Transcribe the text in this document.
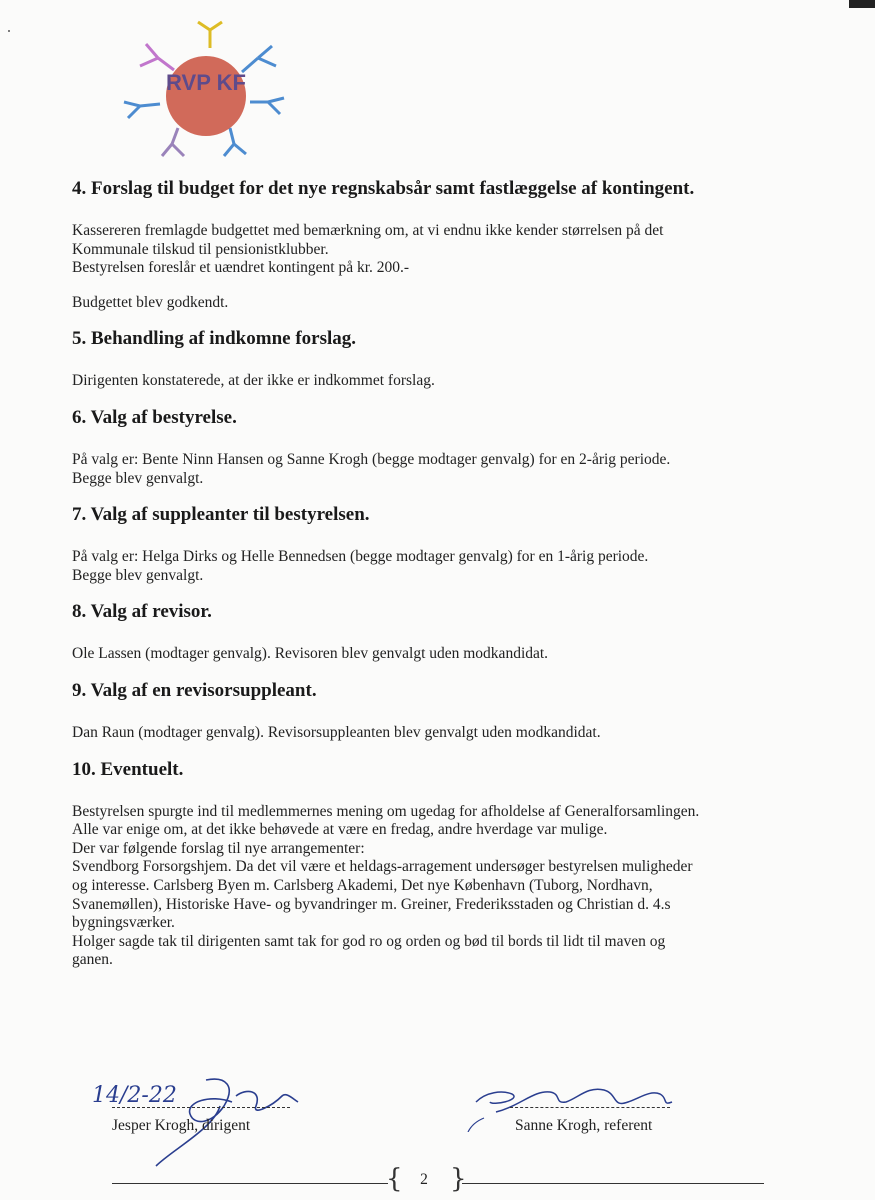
RVP KF
4. Forslag til budget for det nye regnskabsår samt fastlæggelse af kontingent.
Kassereren fremlagde budgettet med bemærkning om, at vi endnu ikke kender størrelsen på det
Kommunale tilskud til pensionistklubber.
Bestyrelsen foreslår et uændret kontingent på kr. 200.-
Budgettet blev godkendt.
5. Behandling af indkomne forslag.
Dirigenten konstaterede, at der ikke er indkommet forslag.
6. Valg af bestyrelse.
På valg er: Bente Ninn Hansen og Sanne Krogh (begge modtager genvalg) for en 2-årig periode.
Begge blev genvalgt.
7. Valg af suppleanter til bestyrelsen.
På valg er: Helga Dirks og Helle Bennedsen (begge modtager genvalg) for en 1-årig periode.
Begge blev genvalgt.
8. Valg af revisor.
Ole Lassen (modtager genvalg). Revisoren blev genvalgt uden modkandidat.
9. Valg af en revisorsuppleant.
Dan Raun (modtager genvalg). Revisorsuppleanten blev genvalgt uden modkandidat.
10. Eventuelt.
Bestyrelsen spurgte ind til medlemmernes mening om ugedag for afholdelse af Generalforsamlingen.
Alle var enige om, at det ikke behøvede at være en fredag, andre hverdage var mulige.
Der var følgende forslag til nye arrangementer:
Svendborg Forsorgshjem. Da det vil være et heldags-arragement undersøger bestyrelsen muligheder
og interesse. Carlsberg Byen m. Carlsberg Akademi, Det nye København (Tuborg, Nordhavn,
Svanemøllen), Historiske Have- og byvandringer m. Greiner, Frederiksstaden og Christian d. 4.s
bygningsværker.
Holger sagde tak til dirigenten samt tak for god ro og orden og bød til bords til lidt til maven og
ganen.
14/2-22
Jesper Krogh, dirigent	Sanne Krogh, referent
{	2 }
